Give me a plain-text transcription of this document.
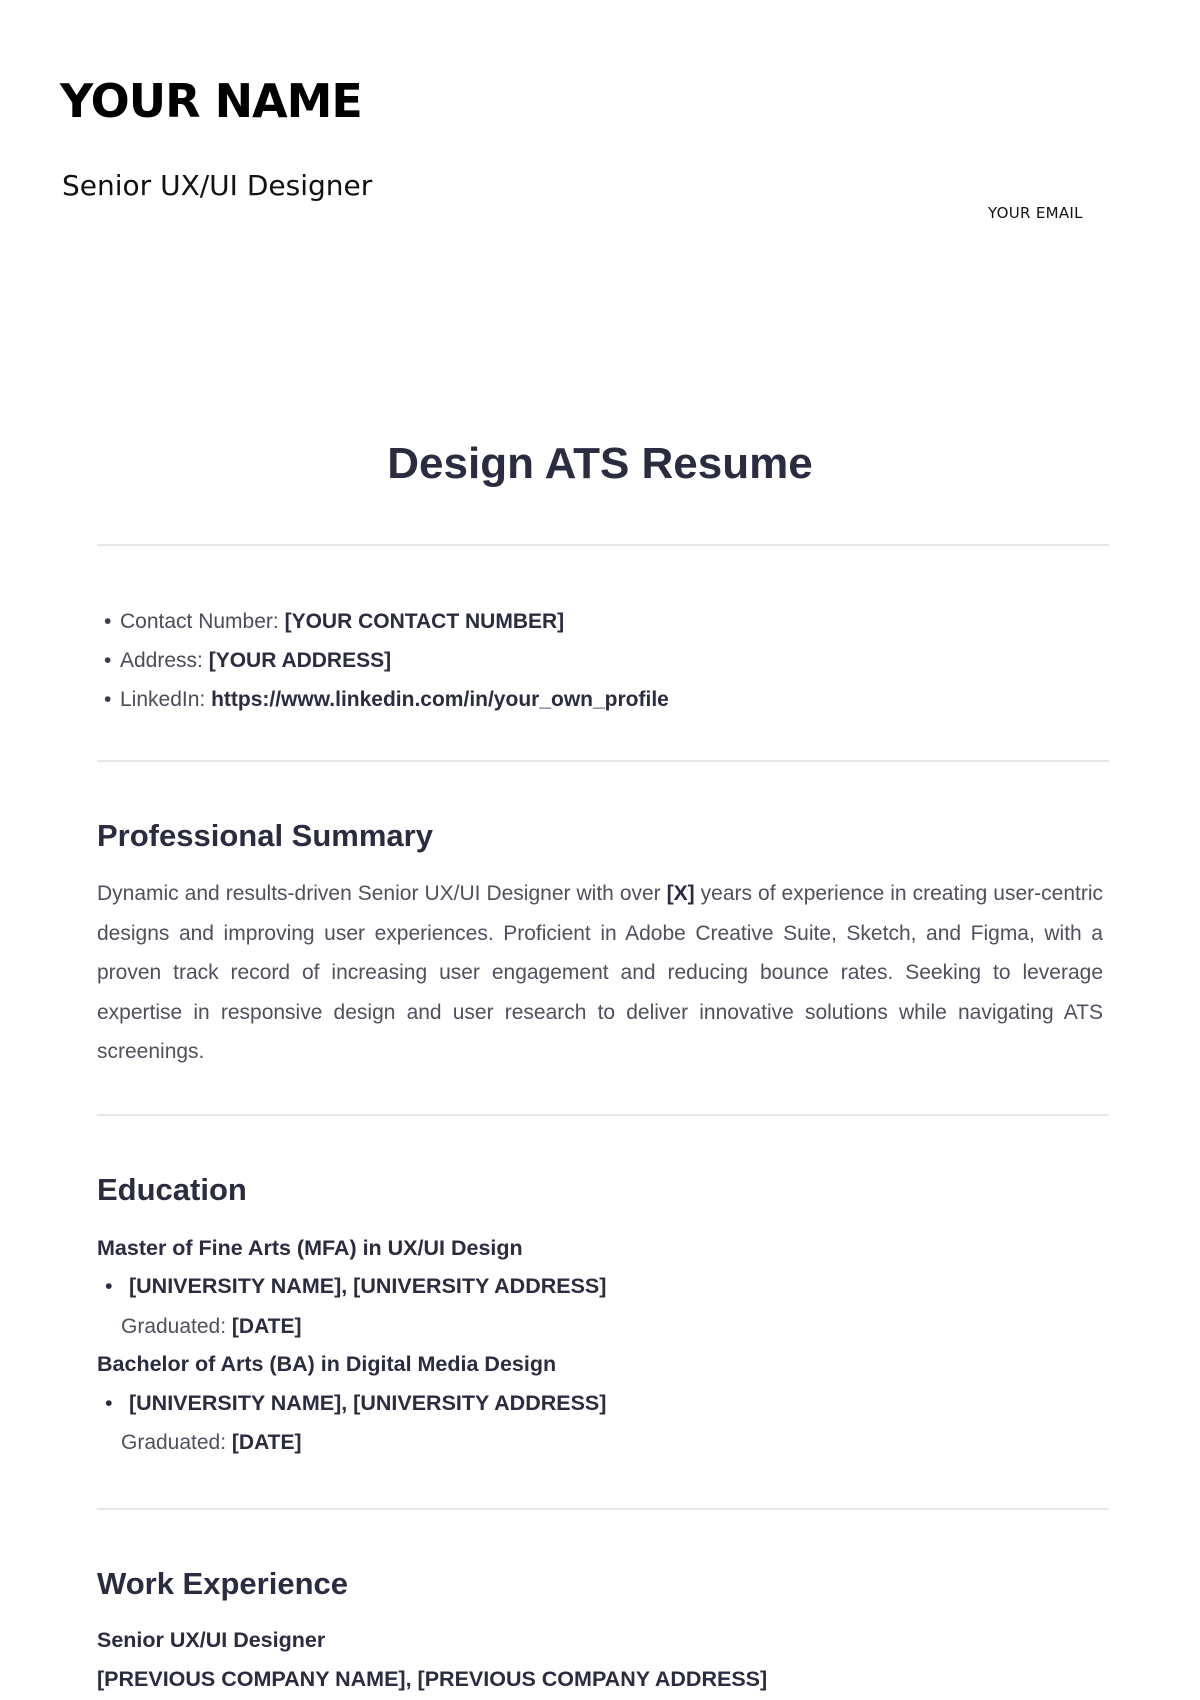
YOUR NAME
Senior UX/UI Designer
YOUR EMAIL
Design ATS Resume
• Contact Number: [YOUR CONTACT NUMBER]
• Address: [YOUR ADDRESS]
• LinkedIn: https://www.linkedin.com/in/your_own_profile
Professional Summary

Dynamic and results-driven Senior UX/UI Designer with over [X] years of experience in creating user-centric designs and improving user experiences. Proficient in Adobe Creative Suite, Sketch, and Figma, with a proven track record of increasing user engagement and reducing bounce rates. Seeking to leverage expertise in responsive design and user research to deliver innovative solutions while navigating ATS screenings.

Education
Master of Fine Arts (MFA) in UX/UI Design
• [UNIVERSITY NAME], [UNIVERSITY ADDRESS]
Graduated: [DATE]
Bachelor of Arts (BA) in Digital Media Design
• [UNIVERSITY NAME], [UNIVERSITY ADDRESS]
Graduated: [DATE]
Work Experience
Senior UX/UI Designer
[PREVIOUS COMPANY NAME], [PREVIOUS COMPANY ADDRESS]
